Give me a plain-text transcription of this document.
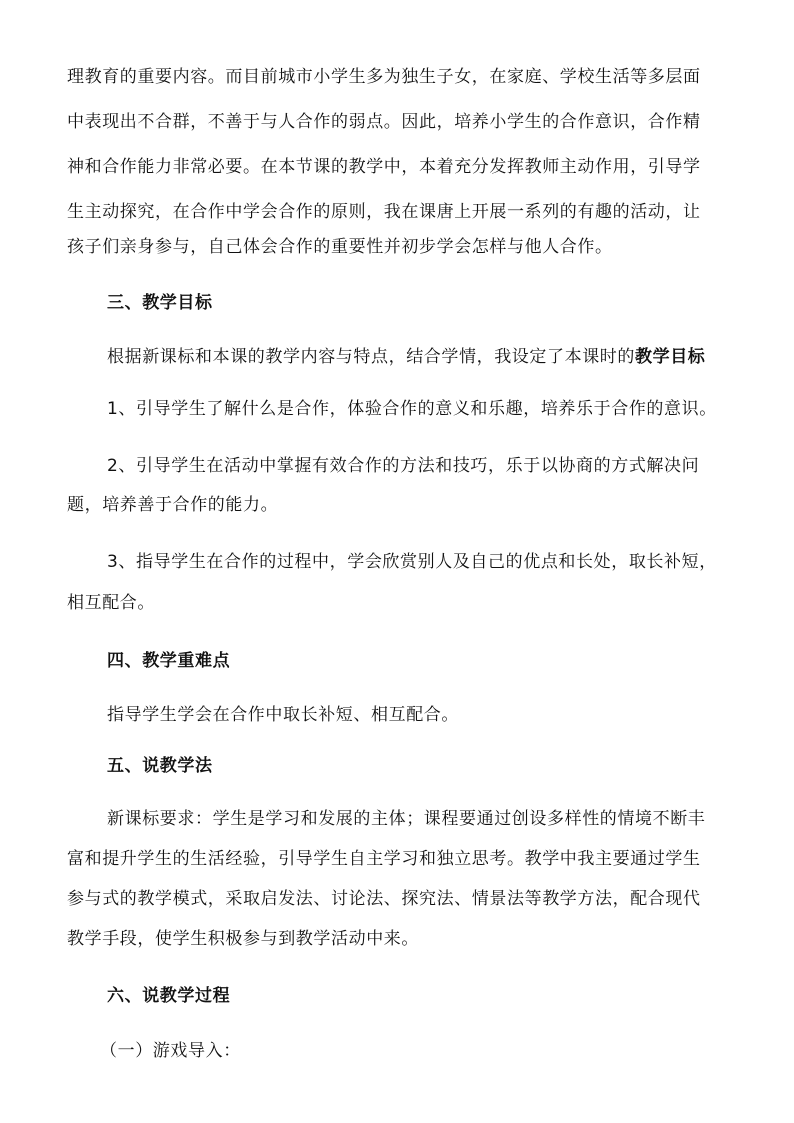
理教育的重要内容。而目前城市小学生多为独生子女，在家庭、学校生活等多层面
中表现出不合群，不善于与人合作的弱点。因此，培养小学生的合作意识，合作精
神和合作能力非常必要。在本节课的教学中，本着充分发挥教师主动作用，引导学
生主动探究，在合作中学会合作的原则，我在课唐上开展一系列的有趣的活动，让
孩子们亲身参与，自己体会合作的重要性并初步学会怎样与他人合作。
三、教学目标
根据新课标和本课的教学内容与特点，结合学情，我设定了本课时的教学目标
1、引导学生了解什么是合作，体验合作的意义和乐趣，培养乐于合作的意识。
2、引导学生在活动中掌握有效合作的方法和技巧，乐于以协商的方式解决问
题，培养善于合作的能力。
3、指导学生在合作的过程中，学会欣赏别人及自己的优点和长处，取长补短，
相互配合。
四、教学重难点
指导学生学会在合作中取长补短、相互配合。
五、说教学法
新课标要求：学生是学习和发展的主体；课程要通过创设多样性的情境不断丰
富和提升学生的生活经验，引导学生自主学习和独立思考。教学中我主要通过学生
参与式的教学模式，采取启发法、讨论法、探究法、情景法等教学方法，配合现代
教学手段，使学生积极参与到教学活动中来。
六、说教学过程
（一）游戏导入：
